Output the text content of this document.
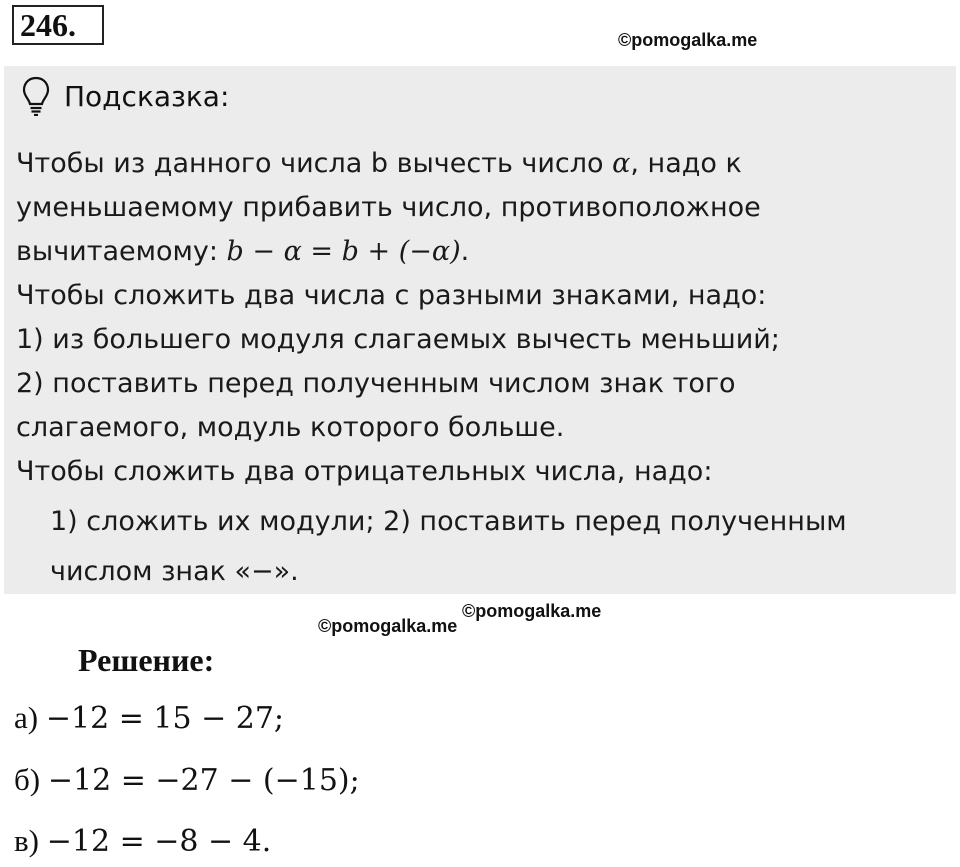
246.	©pomogalka.me
Подсказка:
Чтобы из данного числа b вычесть число α, надо к
уменьшаемому прибавить число, противоположное
вычитаемому: b − α = b + (−α).
Чтобы сложить два числа с разными знаками, надо:
1) из большего модуля слагаемых вычесть меньший;
2) поставить перед полученным числом знак того
слагаемого, модуль которого больше.
Чтобы сложить два отрицательных числа, надо:
1) сложить их модули; 2) поставить перед полученным
числом знак «−».
©pomogalka.me
©pomogalka.me
Решение:
а) −12 = 15 − 27;
б) −12 = −27 − (−15);
в) −12 = −8 − 4.
